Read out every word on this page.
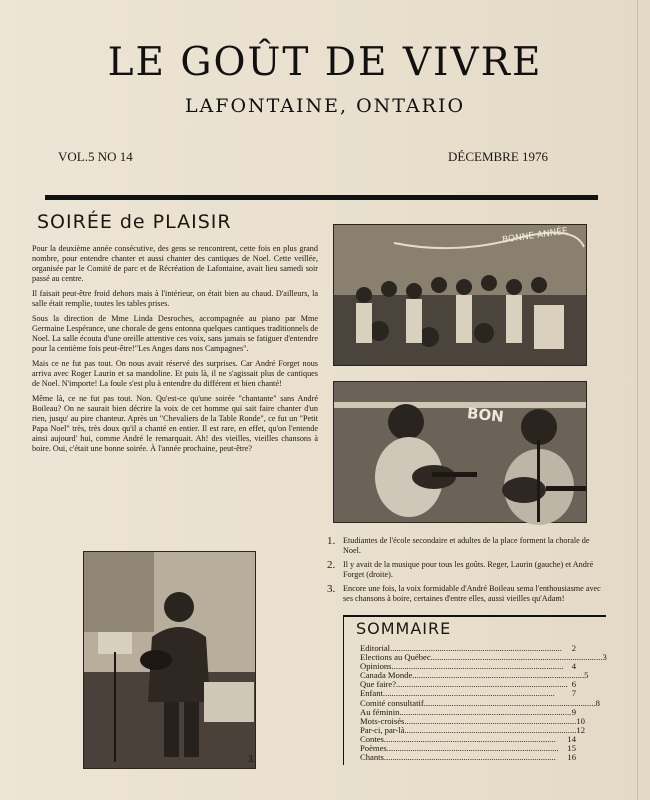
LE GOÛT DE VIVRE
LAFONTAINE, ONTARIO
VOL.5 NO 14	DÉCEMBRE 1976
SOIRÉE de PLAISIR

Pour la deuxième année consécutive, des gens se rencontrent, cette fois en plus grand nombre, pour entendre chanter et aussi chanter des cantiques de Noel. Cette veillée, organisée par le Comité de parc et de Récréation de Lafontaine, avait lieu samedi soir passé au centre.

Il faisait peut-être froid dehors mais à l'intérieur, on était bien au chaud. D'ailleurs, la salle était remplie, toutes les tables prises.

Sous la direction de Mme Linda Desroches, accompagnée au piano par Mme Germaine Lespérance, une chorale de gens entonna quelques cantiques traditionnels de Noel. La salle écouta d'une oreille attentive ces voix, sans jamais se fatiguer d'entendre pour la centième fois peut-être!"Les Anges dans nos Campagnes".

Mais ce ne fut pas tout. On nous avait réservé des surprises. Car André Forget nous arriva avec Roger Laurin et sa mandoline. Et puis là, il ne s'agissait plus de cantiques de Noel. N'importe! La foule s'est plu à entendre du différent et bien chanté!

Même là, ce ne fut pas tout. Non. Qu'est-ce qu'une soirée "chantante" sans André Boileau? On ne saurait bien décrire la voix de cet homme qui sait faire chanter d'un rien, jusqu' au pire chanteur. Après un "Chevaliers de la Table Ronde", ce fut un "Petit Papa Noel" très, très doux qu'il a chanté en entier. Il est rare, en effet, qu'on l'entende ainsi aujourd' hui, comme André le remarquait. Ah! des vieilles, vieilles chansons à boire. Oui, c'était une bonne soirée. À l'année prochaine, peut-être?

BONNE ANNÉE
BON
3.
1. Etudiantes de l'école secondaire et adultes de la place forment la chorale de Noel.
2. Il y avait de la musique pour tous les goûts. Reger, Laurin (gauche) et André Forget (droite).
3. Encore une fois, la voix formidable d'André Boileau sema l'enthousiasme avec ses chansons à boire, certaines d'entre elles, aussi vieilles qu'Adam!
SOMMAIRE
Editorial ................................................................................	2
Elections au Québec ................................................................................ 3
Opinions ................................................................................ 4
Canada Monde ................................................................................ 5
Que faire? ................................................................................ 6
Enfant ................................................................................	7
Comité consultatif ................................................................................ 8
Au féminin ................................................................................ 9
Mots-croisés ................................................................................ 10
Par-ci, par-là ................................................................................ 12
Contes ................................................................................	14
Poèmes ................................................................................	15
Chants ................................................................................	16
